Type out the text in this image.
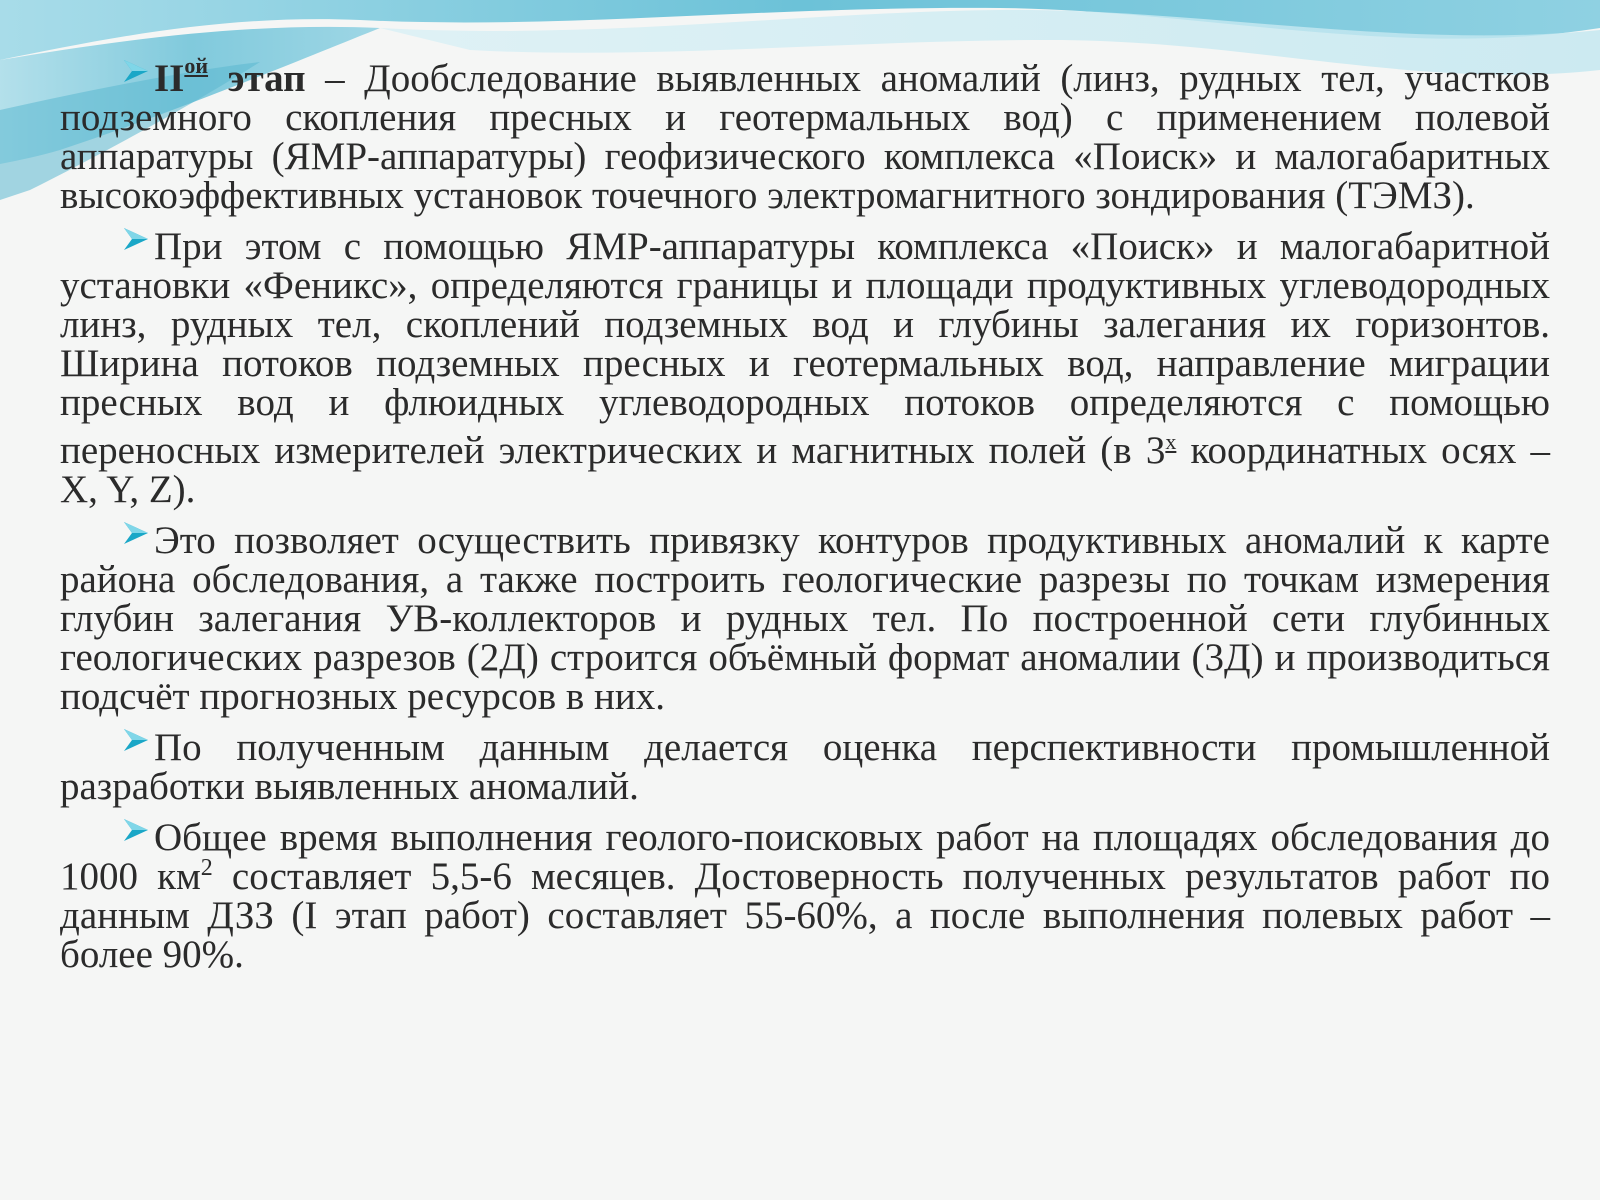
$II^{ой}$ этап – Дообследование выявленных аномалий (линз, рудных тел, участков подземного скопления пресных и геотермальных вод) с применением полевой аппаратуры (ЯМР-аппаратуры) геофизического комплекса «Поиск» и малогабаритных высокоэффективных установок точечного электромагнитного зондирования (ТЭМЗ).

При этом с помощью ЯМР-аппаратуры комплекса «Поиск» и малогабаритной установки «Феникс», определяются границы и площади продуктивных углеводородных линз, рудных тел, скоплений подземных вод и глубины залегания их горизонтов. Ширина потоков подземных пресных и геотермальных вод, направление миграции пресных вод и флюидных углеводородных потоков определяются с помощью переносных измерителей электрических и магнитных полей (в $3^х$ координатных осях – X, Y, Z).

Это позволяет осуществить привязку контуров продуктивных аномалий к карте района обследования, а также построить геологические разрезы по точкам измерения глубин залегания УВ-коллекторов и рудных тел. По построенной сети глубинных геологических разрезов (2Д) строится объёмный формат аномалии (3Д) и производиться подсчёт прогнозных ресурсов в них.

По полученным данным делается оценка перспективности промышленной разработки выявленных аномалий.

Общее время выполнения геолого-поисковых работ на площадях обследования до 1000 $км^2$ составляет 5,5-6 месяцев. Достоверность полученных результатов работ по данным ДЗЗ (I этап работ) составляет 55-60%, а после выполнения полевых работ – более 90%.
